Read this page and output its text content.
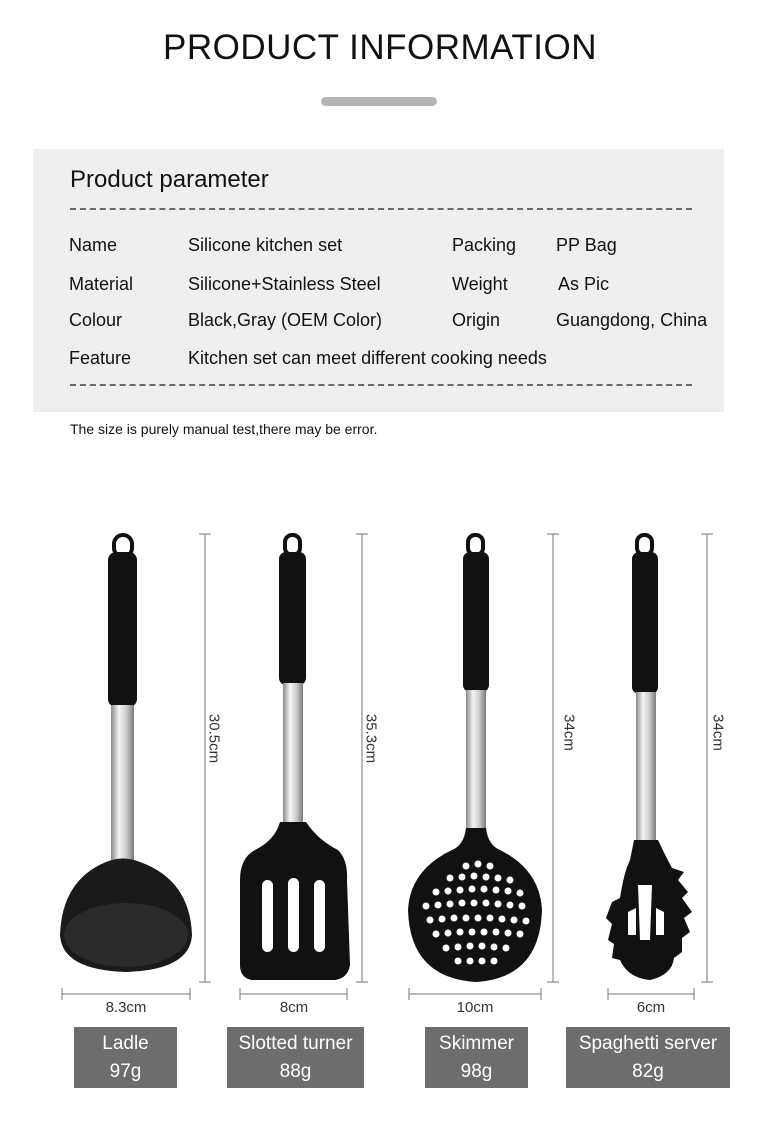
PRODUCT INFORMATION
Product parameter
Name	Silicone kitchen set	Packing PP Bag
Material	Silicone+Stainless Steel	Weight	As Pic
Colour	Black,Gray (OEM Color)	Origin	Guangdong, China
Feature	Kitchen set can meet different cooking needs
The size is purely manual test,there may be error.
30.5cm	35.3cm	34cm	34cm
8.3cm	8cm	10cm	6cm
Ladle
97g
Slotted turner
88g
Skimmer
98g
Spaghetti server
82g
